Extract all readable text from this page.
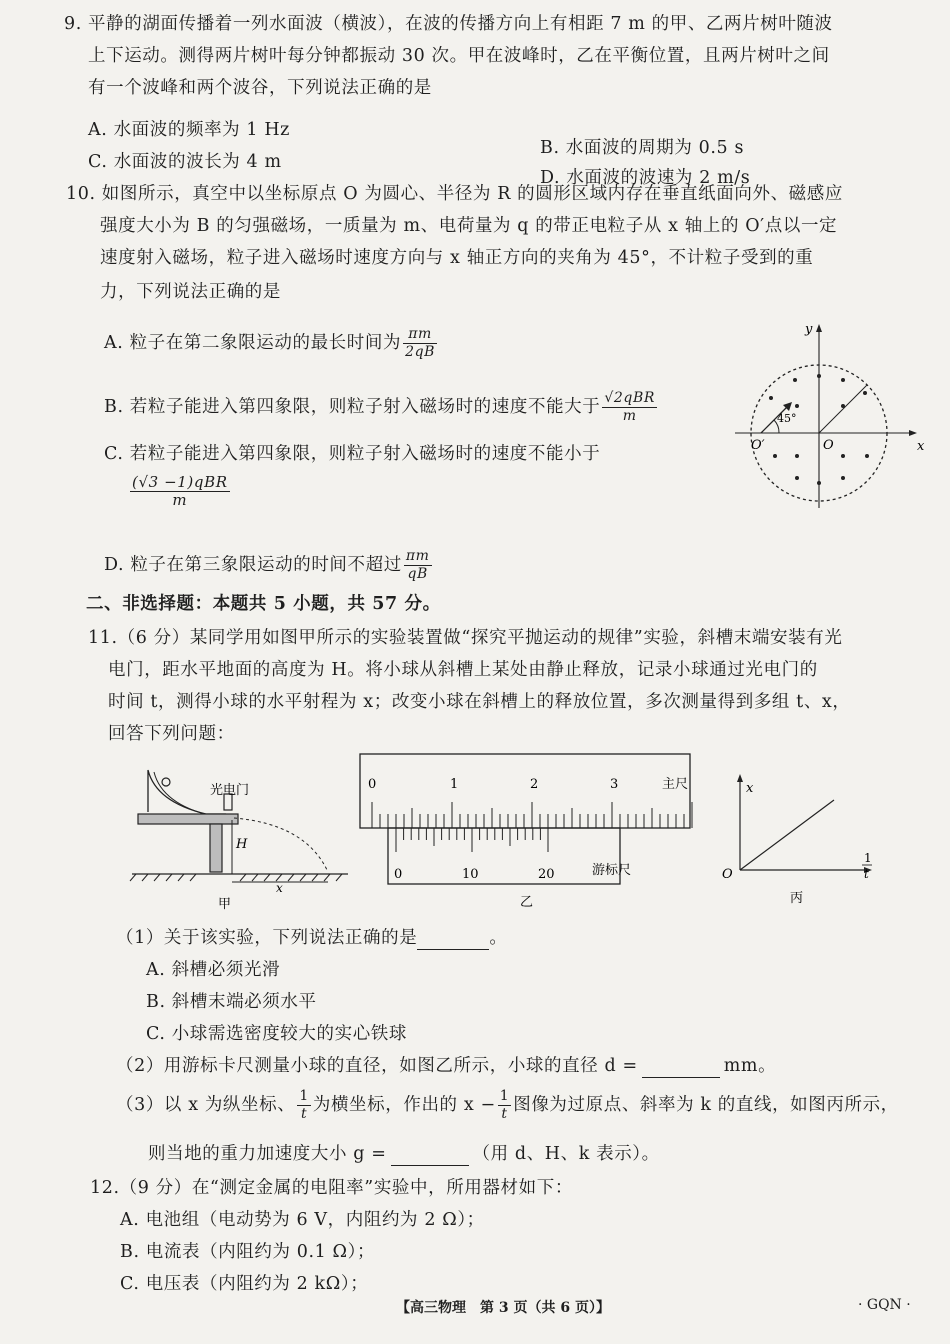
9. 平静的湖面传播着一列水面波（横波），在波的传播方向上有相距 7 m 的甲、乙两片树叶随波
上下运动。测得两片树叶每分钟都振动 30 次。甲在波峰时，乙在平衡位置，且两片树叶之间
有一个波峰和两个波谷，下列说法正确的是
A. 水面波的频率为 1 Hz
B. 水面波的周期为 0.5 s
C. 水面波的波长为 4 m
D. 水面波的波速为 2 m/s
10. 如图所示，真空中以坐标原点 O 为圆心、半径为 R 的圆形区域内存在垂直纸面向外、磁感应
强度大小为 B 的匀强磁场，一质量为 m、电荷量为 q 的带正电粒子从 x 轴上的 O′点以一定
速度射入磁场，粒子进入磁场时速度方向与 x 轴正方向的夹角为 45°，不计粒子受到的重
力，下列说法正确的是
A. 粒子在第二象限运动的最长时间为 $\frac{\pi m}{2qB}$
B. 若粒子能进入第四象限，则粒子射入磁场时的速度不能大于 $\frac{\text{√2qBR}}{m}$
C. 若粒子能进入第四象限，则粒子射入磁场时的速度不能小于
$\frac{\text{(√3 −1)qBR}}{m}$
D. 粒子在第三象限运动的时间不超过 $\frac{\pi m}{qB}$
y
x
O
O′
45°
二、非选择题：本题共 5 小题，共 57 分。
11.（6 分）某同学用如图甲所示的实验装置做“探究平抛运动的规律”实验，斜槽末端安装有光
电门，距水平地面的高度为 H。将小球从斜槽上某处由静止释放，记录小球通过光电门的
时间 t，测得小球的水平射程为 x；改变小球在斜槽上的释放位置，多次测量得到多组 t、x，
回答下列问题：
光电门
H
x
甲
0	1	2	3	主尺
0	10	20	游标尺
乙
x
O
1
t
丙
（1）关于该实验，下列说法正确的是	。
A. 斜槽必须光滑
B. 斜槽末端必须水平
C. 小球需选密度较大的实心铁球
（2）用游标卡尺测量小球的直径，如图乙所示，小球的直径 d =	mm。
（3）以 x 为纵坐标、 $\frac{1}{t}$ 为横坐标，作出的 $x - \frac{1}{t}$ 图像为过原点、斜率为 k 的直线，如图丙所示，
则当地的重力加速度大小 g =	（用 d、H、k 表示）。
12.（9 分）在“测定金属的电阻率”实验中，所用器材如下：
A. 电池组（电动势为 6 V，内阻约为 2 Ω）；
B. 电流表（内阻约为 0.1 Ω）；
C. 电压表（内阻约为 2 kΩ）；
【高三物理　第 3 页（共 6 页）】	· GQN ·
